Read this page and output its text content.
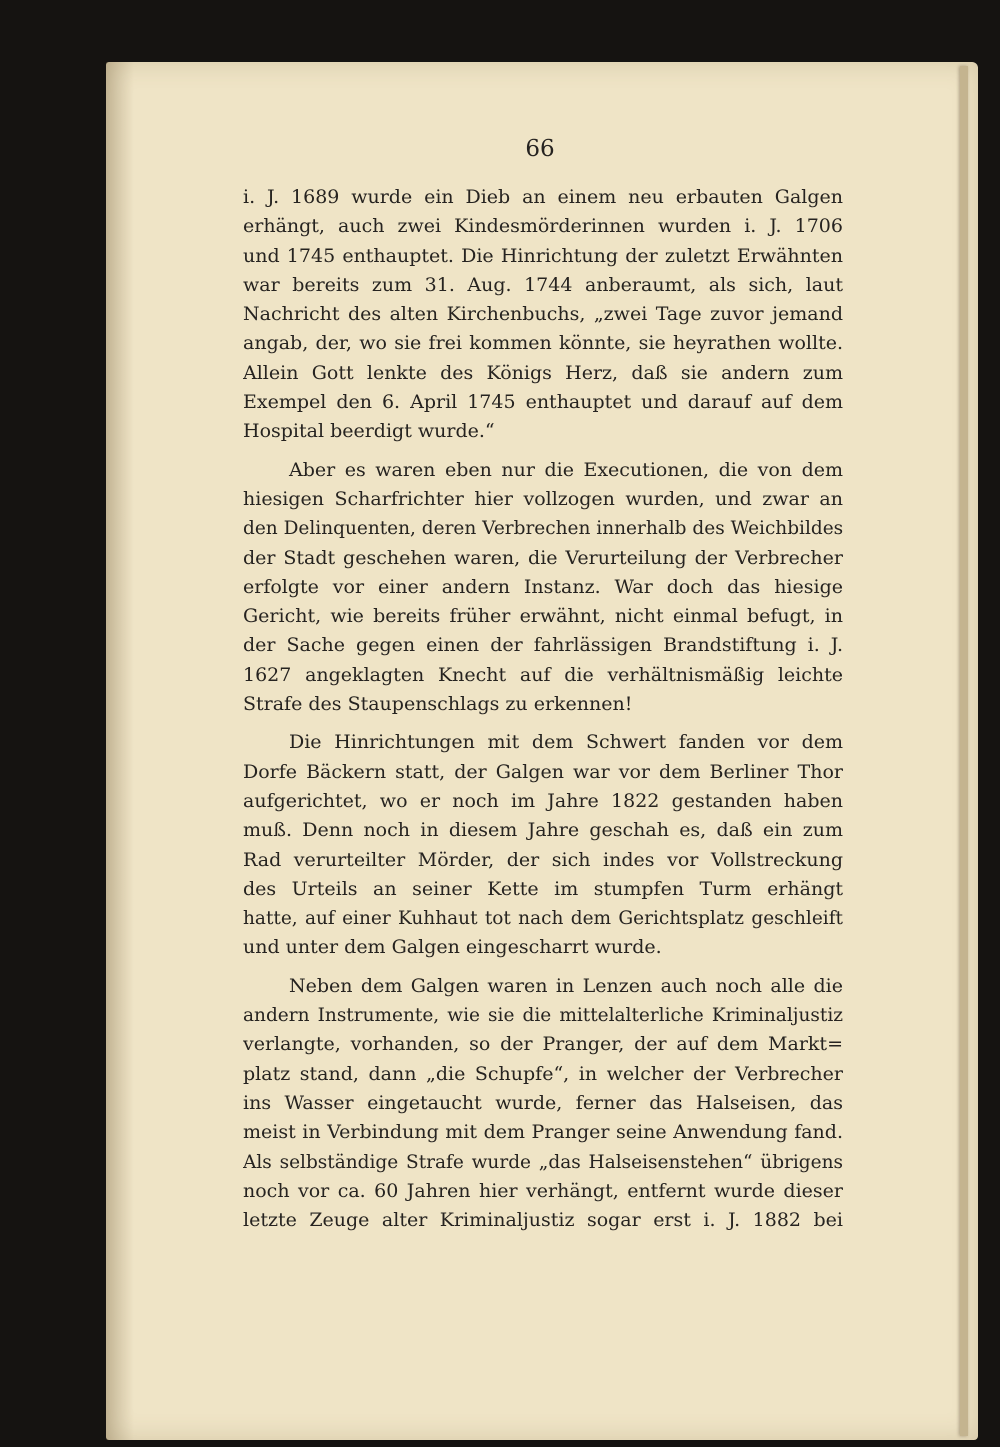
66
i. J. 1689 wurde ein Dieb an einem neu erbauten Galgen
erhängt, auch zwei Kindesmörderinnen wurden i. J. 1706
und 1745 enthauptet. Die Hinrichtung der zuletzt Erwähnten
war bereits zum 31. Aug. 1744 anberaumt, als sich, laut
Nachricht des alten Kirchenbuchs, „zwei Tage zuvor jemand
angab, der, wo sie frei kommen könnte, sie heyrathen wollte.
Allein Gott lenkte des Königs Herz, daß sie andern zum
Exempel den 6. April 1745 enthauptet und darauf auf dem
Hospital beerdigt wurde.“
Aber es waren eben nur die Executionen, die von dem
hiesigen Scharfrichter hier vollzogen wurden, und zwar an
den Delinquenten, deren Verbrechen innerhalb des Weichbildes
der Stadt geschehen waren, die Verurteilung der Verbrecher
erfolgte vor einer andern Instanz. War doch das hiesige
Gericht, wie bereits früher erwähnt, nicht einmal befugt, in
der Sache gegen einen der fahrlässigen Brandstiftung i. J.
1627 angeklagten Knecht auf die verhältnismäßig leichte
Strafe des Staupenschlags zu erkennen!
Die Hinrichtungen mit dem Schwert fanden vor dem
Dorfe Bäckern statt, der Galgen war vor dem Berliner Thor
aufgerichtet, wo er noch im Jahre 1822 gestanden haben
muß. Denn noch in diesem Jahre geschah es, daß ein zum
Rad verurteilter Mörder, der sich indes vor Vollstreckung
des Urteils an seiner Kette im stumpfen Turm erhängt
hatte, auf einer Kuhhaut tot nach dem Gerichtsplatz geschleift
und unter dem Galgen eingescharrt wurde.
Neben dem Galgen waren in Lenzen auch noch alle die
andern Instrumente, wie sie die mittelalterliche Kriminaljustiz
verlangte, vorhanden, so der Pranger, der auf dem Markt=
platz stand, dann „die Schupfe“, in welcher der Verbrecher
ins Wasser eingetaucht wurde, ferner das Halseisen, das
meist in Verbindung mit dem Pranger seine Anwendung fand.
Als selbständige Strafe wurde „das Halseisenstehen“ übrigens
noch vor ca. 60 Jahren hier verhängt, entfernt wurde dieser
letzte Zeuge alter Kriminaljustiz sogar erst i. J. 1882 bei
